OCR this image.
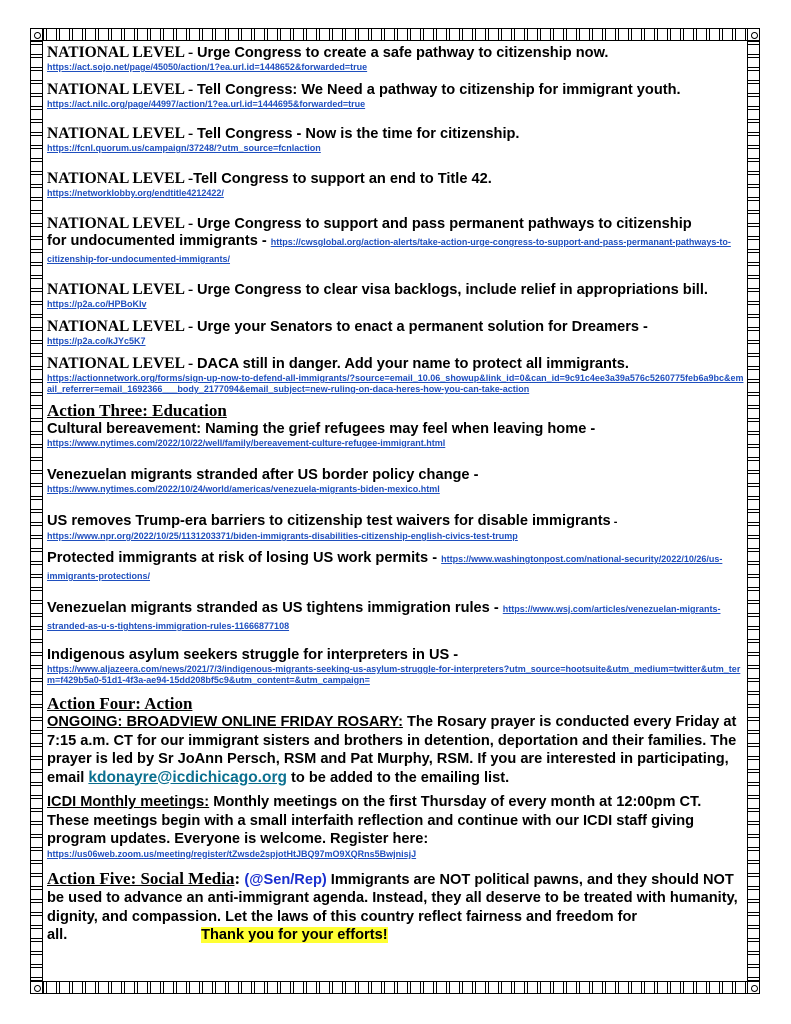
NATIONAL LEVEL - Urge Congress to create a safe pathway to citizenship now.
https://act.sojo.net/page/45050/action/1?ea.url.id=1448652&forwarded=true
NATIONAL LEVEL - Tell Congress: We Need a pathway to citizenship for immigrant youth.
https://act.nilc.org/page/44997/action/1?ea.url.id=1444695&forwarded=true
NATIONAL LEVEL - Tell Congress - Now is the time for citizenship.
https://fcnl.quorum.us/campaign/37248/?utm_source=fcnlaction
NATIONAL LEVEL -Tell Congress to support an end to Title 42.
https://networklobby.org/endtitle4212422/
NATIONAL LEVEL - Urge Congress to support and pass permanent pathways to citizenship
for undocumented immigrants - https://cwsglobal.org/action-alerts/take-action-urge-congress-to-support-and-pass-permanant-pathways-to-citizenship-for-undocumented-immigrants/
NATIONAL LEVEL - Urge Congress to clear visa backlogs, include relief in appropriations bill.
https://p2a.co/HPBoKIv
NATIONAL LEVEL - Urge your Senators to enact a permanent solution for Dreamers -
https://p2a.co/kJYc5K7
NATIONAL LEVEL - DACA still in danger. Add your name to protect all immigrants.
https://actionnetwork.org/forms/sign-up-now-to-defend-all-immigrants/?source=email_10.06_showup&link_id=0&can_id=9c91c4ee3a39a576c5260775feb6a9bc&email_referrer=email_1692366___body_2177094&email_subject=new-ruling-on-daca-heres-how-you-can-take-action
Action Three: Education
Cultural bereavement: Naming the grief refugees may feel when leaving home -
https://www.nytimes.com/2022/10/22/well/family/bereavement-culture-refugee-immigrant.html
Venezuelan migrants stranded after US border policy change -
https://www.nytimes.com/2022/10/24/world/americas/venezuela-migrants-biden-mexico.html
US removes Trump-era barriers to citizenship test waivers for disable immigrants -
https://www.npr.org/2022/10/25/1131203371/biden-immigrants-disabilities-citizenship-english-civics-test-trump
Protected immigrants at risk of losing US work permits - https://www.washingtonpost.com/national-security/2022/10/26/us-immigrants-protections/
Venezuelan migrants stranded as US tightens immigration rules - https://www.wsj.com/articles/venezuelan-migrants-stranded-as-u-s-tightens-immigration-rules-11666877108
Indigenous asylum seekers struggle for interpreters in US -
https://www.aljazeera.com/news/2021/7/3/indigenous-migrants-seeking-us-asylum-struggle-for-interpreters?utm_source=hootsuite&utm_medium=twitter&utm_term=f429b5a0-51d1-4f3a-ae94-15dd208bf5c9&utm_content=&utm_campaign=
Action Four: Action
ONGOING: BROADVIEW ONLINE FRIDAY ROSARY: The Rosary prayer is conducted every Friday at 7:15 a.m. CT for our immigrant sisters and brothers in detention, deportation and their families. The prayer is led by Sr JoAnn Persch, RSM and Pat Murphy, RSM. If you are interested in participating, email kdonayre@icdichicago.org to be added to the emailing list.
ICDI Monthly meetings: Monthly meetings on the first Thursday of every month at 12:00pm CT. These meetings begin with a small interfaith reflection and continue with our ICDI staff giving program updates. Everyone is welcome. Register here:
https://us06web.zoom.us/meeting/register/tZwsde2spjotHtJBQ97mO9XQRns5BwjnisjJ
Action Five: Social Media: (@Sen/Rep) Immigrants are NOT political pawns, and they should NOT be used to advance an anti-immigrant agenda. Instead, they all deserve to be treated with humanity, dignity, and compassion. Let the laws of this country reflect fairness and freedom for all.	Thank you for your efforts!
